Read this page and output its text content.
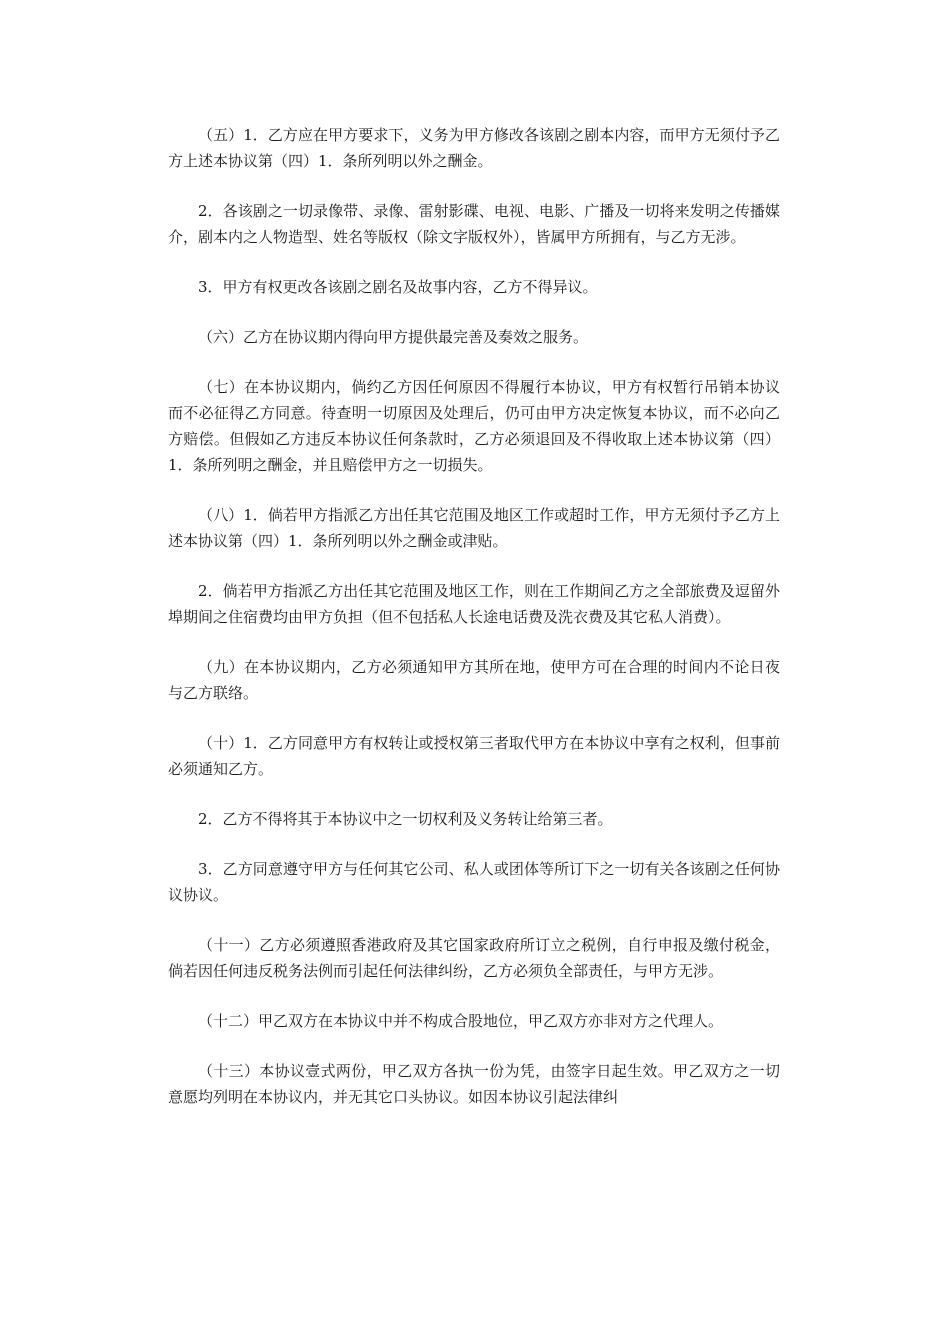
（五）1．乙方应在甲方要求下，义务为甲方修改各该剧之剧本内容，而甲方无须付予乙方上述本协议第（四）1．条所列明以外之酬金。

2．各该剧之一切录像带、录像、雷射影碟、电视、电影、广播及一切将来发明之传播媒介，剧本内之人物造型、姓名等版权（除文字版权外），皆属甲方所拥有，与乙方无涉。

3．甲方有权更改各该剧之剧名及故事内容，乙方不得异议。

（六）乙方在协议期内得向甲方提供最完善及奏效之服务。

（七）在本协议期内，倘约乙方因任何原因不得履行本协议，甲方有权暂行吊销本协议而不必征得乙方同意。待查明一切原因及处理后，仍可由甲方决定恢复本协议，而不必向乙方赔偿。但假如乙方违反本协议任何条款时，乙方必须退回及不得收取上述本协议第（四）1．条所列明之酬金，并且赔偿甲方之一切损失。

（八）1．倘若甲方指派乙方出任其它范围及地区工作或超时工作，甲方无须付予乙方上述本协议第（四）1．条所列明以外之酬金或津贴。

2．倘若甲方指派乙方出任其它范围及地区工作，则在工作期间乙方之全部旅费及逗留外埠期间之住宿费均由甲方负担（但不包括私人长途电话费及洗衣费及其它私人消费）。

（九）在本协议期内，乙方必须通知甲方其所在地，使甲方可在合理的时间内不论日夜与乙方联络。

（十）1．乙方同意甲方有权转让或授权第三者取代甲方在本协议中享有之权利，但事前必须通知乙方。

2．乙方不得将其于本协议中之一切权利及义务转让给第三者。

3．乙方同意遵守甲方与任何其它公司、私人或团体等所订下之一切有关各该剧之任何协议协议。

（十一）乙方必须遵照香港政府及其它国家政府所订立之税例，自行申报及缴付税金，倘若因任何违反税务法例而引起任何法律纠纷，乙方必须负全部责任，与甲方无涉。

（十二）甲乙双方在本协议中并不构成合股地位，甲乙双方亦非对方之代理人。

（十三）本协议壹式两份，甲乙双方各执一份为凭，由签字日起生效。甲乙双方之一切意愿均列明在本协议内，并无其它口头协议。如因本协议引起法律纠
